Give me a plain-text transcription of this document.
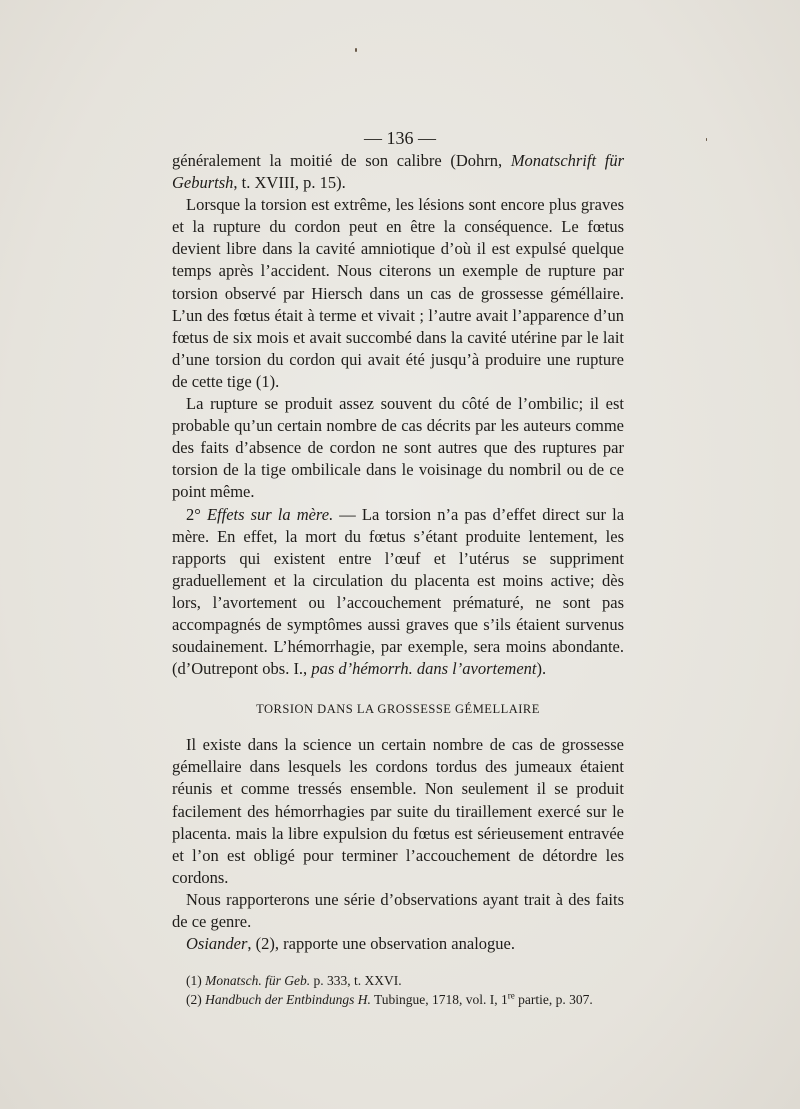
— 136 —

généralement la moitié de son calibre (Dohrn, Monatschrift für Geburtsh, t. XVIII, p. 15).

Lorsque la torsion est extrême, les lésions sont encore plus graves et la rupture du cordon peut en être la conséquence. Le fœtus devient libre dans la cavité amniotique d’où il est expulsé quelque temps après l’accident. Nous citerons un exemple de rupture par torsion observé par Hiersch dans un cas de grossesse géméllaire. L’un des fœtus était à terme et vivait ; l’autre avait l’apparence d’un fœtus de six mois et avait succombé dans la cavité utérine par le lait d’une torsion du cordon qui avait été jusqu’à produire une rupture de cette tige (1).

La rupture se produit assez souvent du côté de l’ombilic; il est probable qu’un certain nombre de cas décrits par les auteurs comme des faits d’absence de cordon ne sont autres que des ruptures par torsion de la tige ombilicale dans le voisinage du nombril ou de ce point même.

2° Effets sur la mère. — La torsion n’a pas d’effet direct sur la mère. En effet, la mort du fœtus s’étant produite lentement, les rapports qui existent entre l’œuf et l’utérus se suppriment graduellement et la circulation du placenta est moins active; dès lors, l’avortement ou l’accouchement prématuré, ne sont pas accompagnés de symptômes aussi graves que s’ils étaient survenus soudainement. L’hémorrhagie, par exemple, sera moins abondante. (d’Outrepont obs. I., pas d’hémorrh. dans l’avortement).

TORSION DANS LA GROSSESSE GÉMELLAIRE

Il existe dans la science un certain nombre de cas de grossesse gémellaire dans lesquels les cordons tordus des jumeaux étaient réunis et comme tressés ensemble. Non seulement il se produit facilement des hémorrhagies par suite du tiraillement exercé sur le placenta. mais la libre expulsion du fœtus est sérieusement entravée et l’on est obligé pour terminer l’accouchement de détordre les cordons.

Nous rapporterons une série d’observations ayant trait à des faits de ce genre.

Osiander, (2), rapporte une observation analogue.

(1) Monatsch. für Geb. p. 333, t. XXVI.
(2) Handbuch der Entbindungs H. Tubingue, 1718, vol. I, 1re partie, p. 307.
